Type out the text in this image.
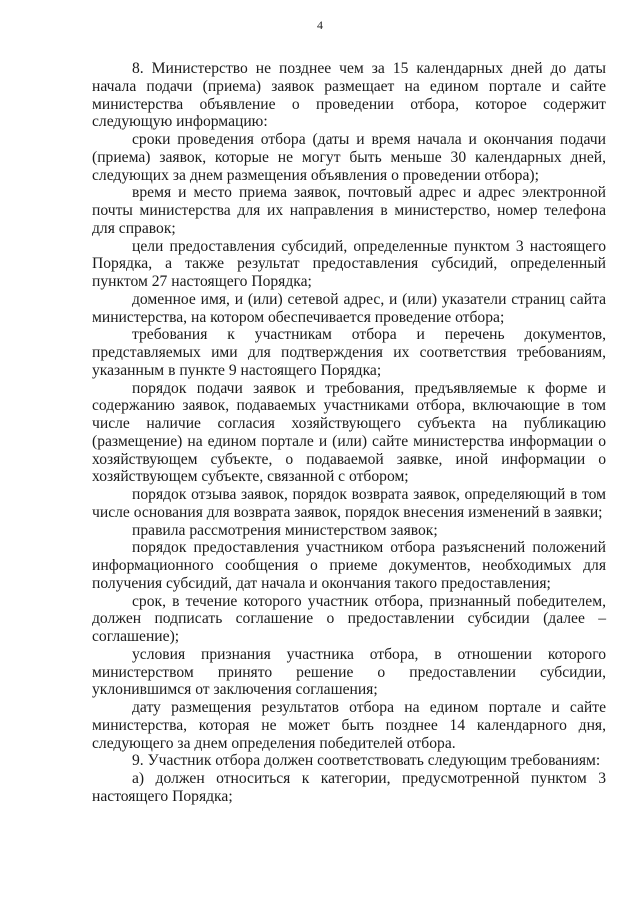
4

8. Министерство не позднее чем за 15 календарных дней до даты начала подачи (приема) заявок размещает на едином портале и сайте министерства объявление о проведении отбора, которое содержит следующую информацию:

сроки проведения отбора (даты и время начала и окончания подачи (приема) заявок, которые не могут быть меньше 30 календарных дней, следующих за днем размещения объявления о проведении отбора);

время и место приема заявок, почтовый адрес и адрес электронной почты министерства для их направления в министерство, номер телефона для справок;

цели предоставления субсидий, определенные пунктом 3 настоящего Порядка, а также результат предоставления субсидий, определенный пунктом 27 настоящего Порядка;

доменное имя, и (или) сетевой адрес, и (или) указатели страниц сайта министерства, на котором обеспечивается проведение отбора;

требования к участникам отбора и перечень документов, представляемых ими для подтверждения их соответствия требованиям, указанным в пункте 9 настоящего Порядка;

порядок подачи заявок и требования, предъявляемые к форме и содержанию заявок, подаваемых участниками отбора, включающие в том числе наличие согласия хозяйствующего субъекта на публикацию (размещение) на едином портале и (или) сайте министерства информации о хозяйствующем субъекте, о подаваемой заявке, иной информации о хозяйствующем субъекте, связанной с отбором;

порядок отзыва заявок, порядок возврата заявок, определяющий в том числе основания для возврата заявок, порядок внесения изменений в заявки;

правила рассмотрения министерством заявок;

порядок предоставления участником отбора разъяснений положений информационного сообщения о приеме документов, необходимых для получения субсидий, дат начала и окончания такого предоставления;

срок, в течение которого участник отбора, признанный победителем, должен подписать соглашение о предоставлении субсидии (далее – соглашение);

условия признания участника отбора, в отношении которого министерством принято решение о предоставлении субсидии, уклонившимся от заключения соглашения;

дату размещения результатов отбора на едином портале и сайте министерства, которая не может быть позднее 14 календарного дня, следующего за днем определения победителей отбора.

9. Участник отбора должен соответствовать следующим требованиям:

а) должен относиться к категории, предусмотренной пунктом 3 настоящего Порядка;
